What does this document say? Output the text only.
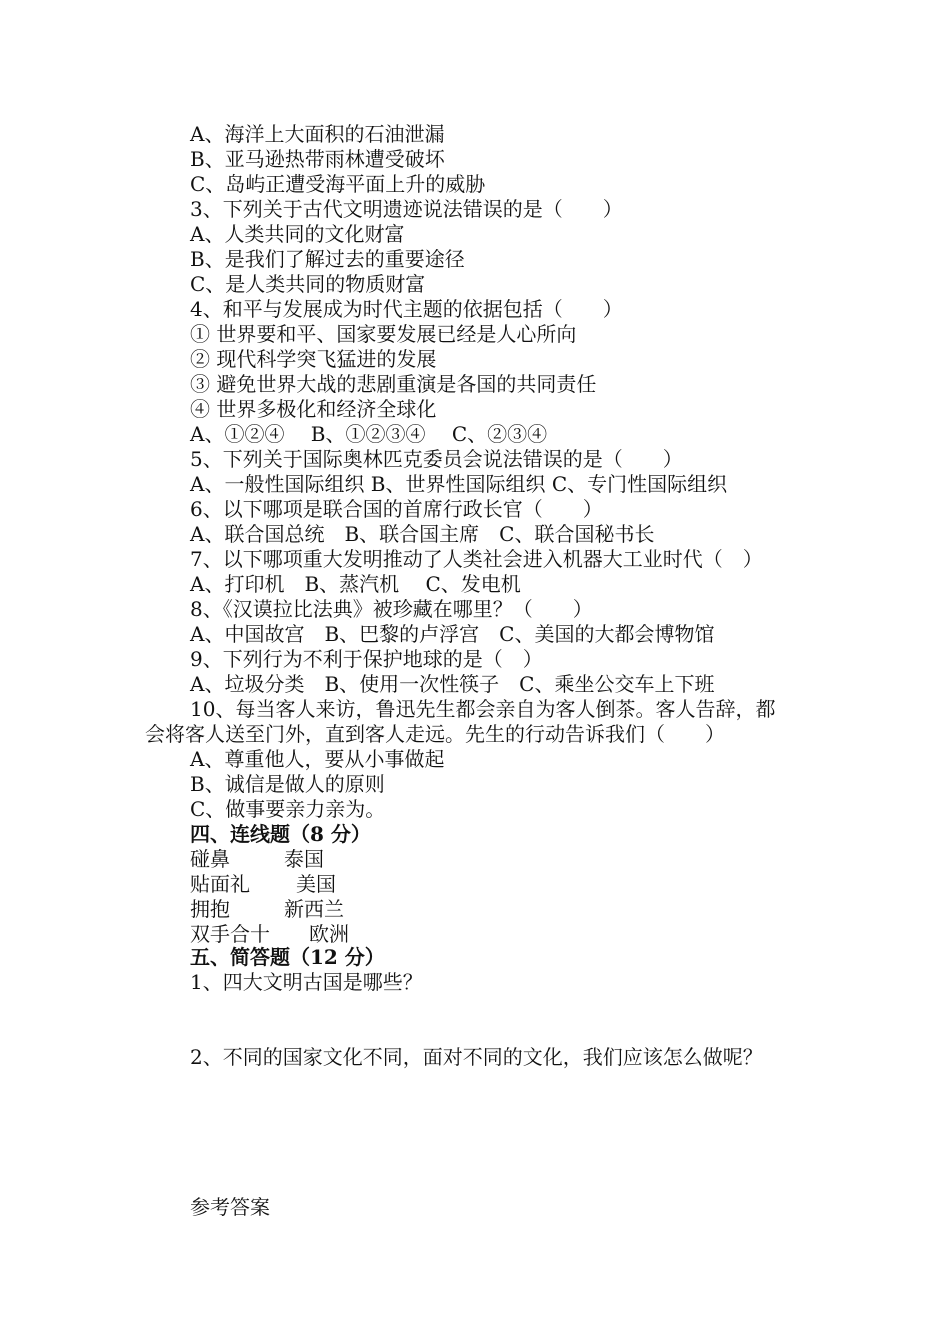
A、海洋上大面积的石油泄漏
B、亚马逊热带雨林遭受破坏
C、岛屿正遭受海平面上升的威胁
3、下列关于古代文明遗迹说法错误的是（　　）
A、人类共同的文化财富
B、是我们了解过去的重要途径
C、是人类共同的物质财富
4、和平与发展成为时代主题的依据包括（　　）
① 世界要和平、国家要发展已经是人心所向
② 现代科学突飞猛进的发展
③ 避免世界大战的悲剧重演是各国的共同责任
④ 世界多极化和经济全球化
A、①②④　 B、①②③④　 C、②③④
5、下列关于国际奥林匹克委员会说法错误的是（　　）
A、一般性国际组织 B、世界性国际组织 C、专门性国际组织
6、以下哪项是联合国的首席行政长官（　　）
A、联合国总统　B、联合国主席　C、联合国秘书长
7、以下哪项重大发明推动了人类社会进入机器大工业时代（　）
A、打印机　B、蒸汽机　 C、发电机
8、《汉谟拉比法典》被珍藏在哪里？（　　）
A、中国故宫　B、巴黎的卢浮宫　C、美国的大都会博物馆
9、下列行为不利于保护地球的是（　）
A、垃圾分类　B、使用一次性筷子　C、乘坐公交车上下班
10、每当客人来访，鲁迅先生都会亲自为客人倒茶。客人告辞，都
会将客人送至门外，直到客人走远。先生的行动告诉我们（　　）
A、尊重他人，要从小事做起
B、诚信是做人的原则
C、做事要亲力亲为。
四、连线题（8 分）
碰鼻	泰国
贴面礼 美国
拥抱	新西兰
双手合十 欧洲
五、简答题（12 分）
1、四大文明古国是哪些？
2、不同的国家文化不同，面对不同的文化，我们应该怎么做呢？
参考答案
